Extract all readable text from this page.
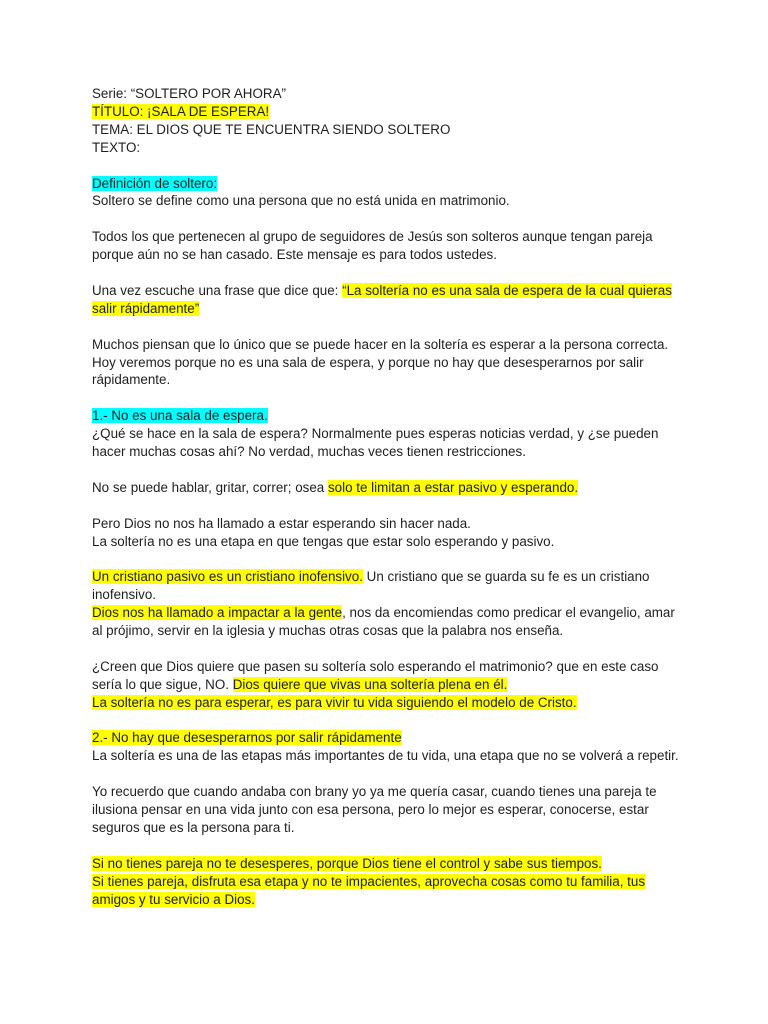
Serie: “SOLTERO POR AHORA”

TÍTULO: ¡SALA DE ESPERA!

TEMA: EL DIOS QUE TE ENCUENTRA SIENDO SOLTERO

TEXTO:

Definición de soltero:

Soltero se define como una persona que no está unida en matrimonio.

Todos los que pertenecen al grupo de seguidores de Jesús son solteros aunque tengan pareja porque aún no se han casado. Este mensaje es para todos ustedes.

Una vez escuche una frase que dice que: “La soltería no es una sala de espera de la cual quieras salir rápidamente”

Muchos piensan que lo único que se puede hacer en la soltería es esperar a la persona correcta.

Hoy veremos porque no es una sala de espera, y porque no hay que desesperarnos por salir rápidamente.

1.- No es una sala de espera.

¿Qué se hace en la sala de espera? Normalmente pues esperas noticias verdad, y ¿se pueden hacer muchas cosas ahí? No verdad, muchas veces tienen restricciones.

No se puede hablar, gritar, correr; osea solo te limitan a estar pasivo y esperando.

Pero Dios no nos ha llamado a estar esperando sin hacer nada.

La soltería no es una etapa en que tengas que estar solo esperando y pasivo.

Un cristiano pasivo es un cristiano inofensivo. Un cristiano que se guarda su fe es un cristiano inofensivo.

Dios nos ha llamado a impactar a la gente, nos da encomiendas como predicar el evangelio, amar al prójimo, servir en la iglesia y muchas otras cosas que la palabra nos enseña.

¿Creen que Dios quiere que pasen su soltería solo esperando el matrimonio? que en este caso sería lo que sigue, NO. Dios quiere que vivas una soltería plena en él.

La soltería no es para esperar, es para vivir tu vida siguiendo el modelo de Cristo.

2.- No hay que desesperarnos por salir rápidamente

La soltería es una de las etapas más importantes de tu vida, una etapa que no se volverá a repetir.

Yo recuerdo que cuando andaba con brany yo ya me quería casar, cuando tienes una pareja te ilusiona pensar en una vida junto con esa persona, pero lo mejor es esperar, conocerse, estar seguros que es la persona para ti.

Si no tienes pareja no te desesperes, porque Dios tiene el control y sabe sus tiempos.

Si tienes pareja, disfruta esa etapa y no te impacientes, aprovecha cosas como tu familia, tus amigos y tu servicio a Dios.
